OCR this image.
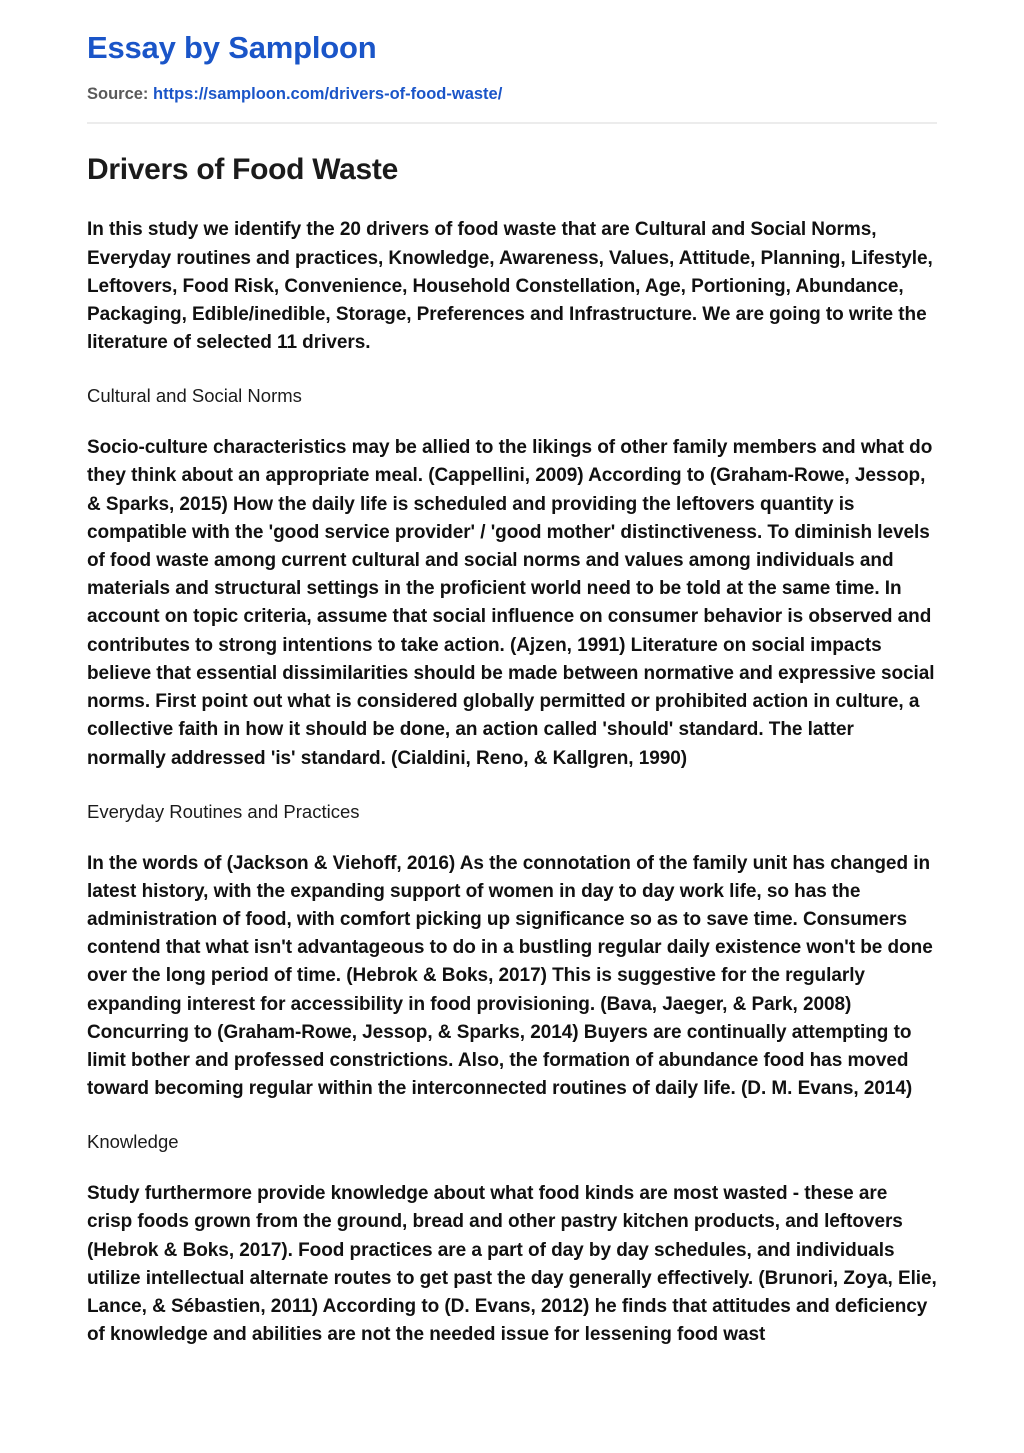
Essay by Samploon
Source: https://samploon.com/drivers-of-food-waste/
Drivers of Food Waste

In this study we identify the 20 drivers of food waste that are Cultural and Social Norms, Everyday routines and practices, Knowledge, Awareness, Values, Attitude, Planning, Lifestyle, Leftovers, Food Risk, Convenience, Household Constellation, Age, Portioning, Abundance, Packaging, Edible/inedible, Storage, Preferences and Infrastructure. We are going to write the literature of selected 11 drivers.

Cultural and Social Norms

Socio-culture characteristics may be allied to the likings of other family members and what do they think about an appropriate meal. (Cappellini, 2009) According to (Graham-Rowe, Jessop, & Sparks, 2015) How the daily life is scheduled and providing the leftovers quantity is compatible with the 'good service provider' / 'good mother' distinctiveness. To diminish levels of food waste among current cultural and social norms and values among individuals and materials and structural settings in the proficient world need to be told at the same time. In account on topic criteria, assume that social influence on consumer behavior is observed and contributes to strong intentions to take action. (Ajzen, 1991) Literature on social impacts believe that essential dissimilarities should be made between normative and expressive social norms. First point out what is considered globally permitted or prohibited action in culture, a collective faith in how it should be done, an action called 'should' standard. The latter normally addressed 'is' standard. (Cialdini, Reno, & Kallgren, 1990)

Everyday Routines and Practices

In the words of (Jackson & Viehoff, 2016) As the connotation of the family unit has changed in latest history, with the expanding support of women in day to day work life, so has the administration of food, with comfort picking up significance so as to save time. Consumers contend that what isn't advantageous to do in a bustling regular daily existence won't be done over the long period of time. (Hebrok & Boks, 2017) This is suggestive for the regularly expanding interest for accessibility in food provisioning. (Bava, Jaeger, & Park, 2008) Concurring to (Graham-Rowe, Jessop, & Sparks, 2014) Buyers are continually attempting to limit bother and professed constrictions. Also, the formation of abundance food has moved toward becoming regular within the interconnected routines of daily life. (D. M. Evans, 2014)

Knowledge

Study furthermore provide knowledge about what food kinds are most wasted - these are crisp foods grown from the ground, bread and other pastry kitchen products, and leftovers (Hebrok & Boks, 2017). Food practices are a part of day by day schedules, and individuals utilize intellectual alternate routes to get past the day generally effectively. (Brunori, Zoya, Elie, Lance, & Sébastien, 2011) According to (D. Evans, 2012) he finds that attitudes and deficiency of knowledge and abilities are not the needed issue for lessening food wast
